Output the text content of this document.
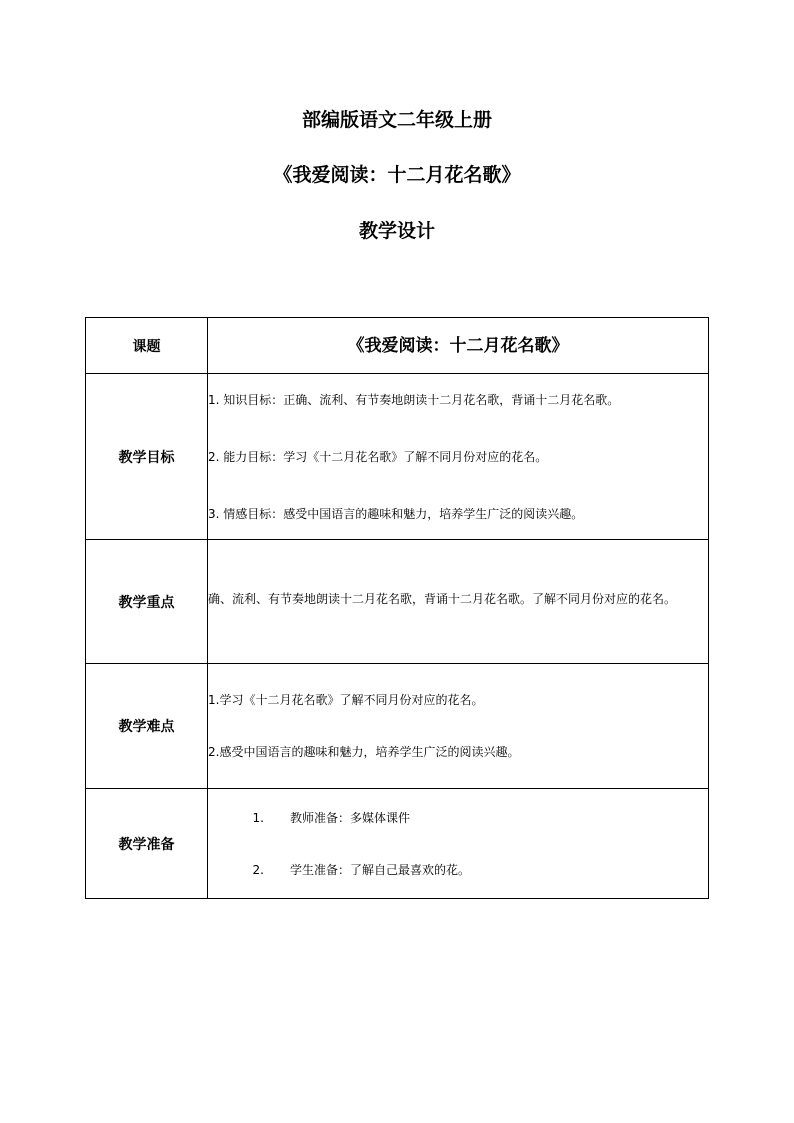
部编版语文二年级上册
《我爱阅读：十二月花名歌》
教学设计
课题	《我爱阅读：十二月花名歌》
教学目标	1. 知识目标：正确、流利、有节奏地朗读十二月花名歌，背诵十二月花名歌。
2. 能力目标：学习《十二月花名歌》了解不同月份对应的花名。
3. 情感目标：感受中国语言的趣味和魅力，培养学生广泛的阅读兴趣。

教学重点	确、流利、有节奏地朗读十二月花名歌，背诵十二月花名歌。了解不同月份对应的花名。

教学难点	1.学习《十二月花名歌》了解不同月份对应的花名。
2.感受中国语言的趣味和魅力，培养学生广泛的阅读兴趣。

教学准备	1. 教师准备：多媒体课件
2. 学生准备：了解自己最喜欢的花。
